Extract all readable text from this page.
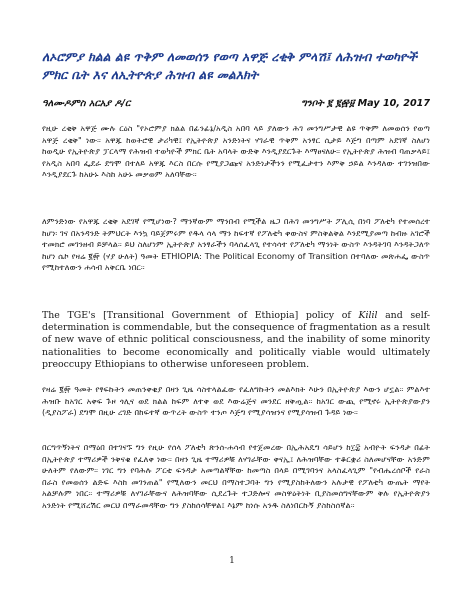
ለኦሮምያ ክልል ልዩ ጥቅም ለመወሰን የወጣ አዋጅ ረቂቅ ምላሽ፤ ለሕዝብ ተወካዮች ምክር ቤት እና ለኢትዮጵያ ሕዝብ ልዩ መልእክት
ዓለሙዶምስ አርአያ ዶ/ር	ግንቦት ፪ ፪፼፱ May 10, 2017
የዚሁ ረቂቅ አዋጅ ሙሉ ርዕስ "የኦሮምያ ክልል በፊንፊኔ/አዲስ አበባ ላይ ያለውን ሕገ መንግሥታዊ ልዩ ጥቅም ለመወሰን የወጣ አዋጅ ረቂቅ" ነው። አዋጁ ከወትሮዊ ታሪካዊ፤ የኢትዮጵያ አንድነትና ሃገራዊ ጥቅም አንፃር ሲታይ እጅግ በጣም አደገኛ ስለሆነ ከወዲሁ የኢትዮጵያ ፓርላማ የሕዝብ ተወካዮች ምክር ቤት አባላት ውድቅ እንዲያደርጉት እማፀናለሁ። የኢትዮጵያ ሕዝብ ባጠቃላይ፤ የአዲስ አበባ ፌደራ ደግሞ በተለይ አዋጁ እርስ በርሱ የሚያጋጩና አንድነታችንን የሚፈታተን እምቅ ኃይል እንዳለው ተገንዝበው እንዲያደርጉ ከአሁኑ እስከ አሁኑ መቃወም አለባቸው።
ለምንድነው የአዋጁ ረቂቅ አደገኛ የሚሆነው? ማንኛውም ማንበብ የሚችል ዜጋ በሕገ መንግሥት ፖሊሲ በነባ ፖለቲካ የተመሰረተ ከሆነ፡ ገና በአንዳንድ ትምህርት እንኳ ባይጀምሩም የዱላ ሳላ ማን ከፍተኛ የፖለቲካ ቀውስና ምስቅልቅል እንደሚያመጣ ከብዙ አገሮች ተመክሮ መገንዘብ ይቻላል። ይህ ስለሆነም ኢትዮጵያ አንፃራችን ባላሰፈላጊ የተሳሳተ የፖለቲካ ማንነት ውስጥ እንዳትገባ እንዳትጋለጥ ከሆነ ሴኮ የዛሬ ፪፼ (ሃያ ሁለት) ዓመት ETHIOPIA: The Political Economy of Transition በተባለው መጽሐፌ ውስጥ የሚከተለውን ሐሳብ አቅርቤ ነበር።
The TGE's [Transitional Government of Ethiopia] policy of Kilil and self-determination is commendable, but the consequence of fragmentation as a result of new wave of ethnic political consciousness, and the inability of some minority nationalities to become economically and politically viable would ultimately preoccupy Ethiopians to otherwise unforeseen problem.
የዛሬ ፪፼ ዓመት የፃፍኩትን መጠንቀቂያ በዛን ጊዜ ሳስተላልፈው የፈለግኩትን መልእክት እሁን በኢትዮጵያ እውን ሆኗል። ምልእተ ሕዝቡ ከአገር አቀፍ ጉዞ ጎሊና ወደ ክልል ከፍም ለተቀ ወደ እውሬጅና መንደር ዘቅጧል። ከአገር ውጪ የሚኖሩ ኢትዮጵያውያን (ዲያስፖራ) ደግሞ በዚሁ ረገድ በከፍተኛ ውጥረት ውስጥ ተንጦ እጅግ የሚያሳዝንና የሚያሳዝብ ጉዳይ ነው።
በርግጥኝነትና በማዕበ በተገናኙ ግን የዚሁ የሰላ ፖለቲካ ጽንሰ-ሐሳብ የተጀመረው በኢሕአዴግ ሳይሆን ከ፲፰ አብዮት ፍንዳታ በፊት በኢትዮጵያ ተማሪዎች ንቅናቄ የፈለቀ ነው። በዛን ጊዜ ተማሪዎቹ ለሃገራቸው ቀናኢ፤ ለሕዝባቸው ተቆርቋሪ ስለመሆናቸው አንድም ሁለትም የለውም። ነገር ግን የባሕሉ ፖርቲ ፍንዳታ አመጣልኛቸው ከመጣስ በላይ በሚገባንና አላስፈላጊም "የብሔረሰቦች የራስ በራስ የመወሰን ልድፍ እስከ መገንጠል" የሚለውን መርህ በማስተጋባት ግን የሚያስከትለውን አሉታዊ የፖለቲካ ውጤት ማየት አልቻሉም ነበር። ተማሪዎቹ ለሃገራቸውና ለሕዝባቸው ሲደረጉት ተጋድሎና መስዋዕትነት ቢያስመሰግናቸውም ቅሉ የኢትዮጵያን አንድነት የሚሸረሽር መርህ በማራመዳቸው ግን ያስከሰሳቸዋል፤ እኔም ከነሱ አንዱ ስለነበርኩኝ ያስከስሰኛል።
1
